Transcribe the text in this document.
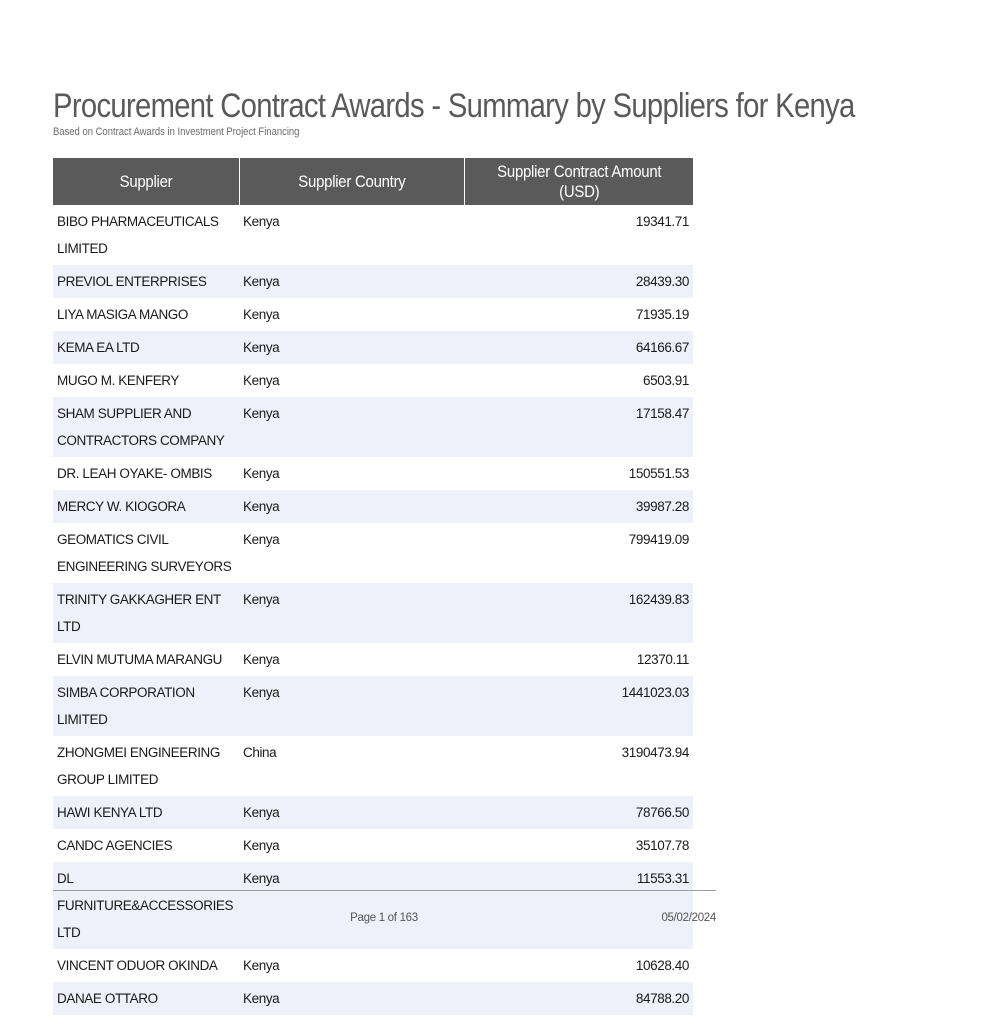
Procurement Contract Awards - Summary by Suppliers for Kenya
Based on Contract Awards in Investment Project Financing
Supplier	Supplier Country	Supplier Contract Amount (USD)
BIBO PHARMACEUTICALS LIMITED	Kenya	19341.71
PREVIOL ENTERPRISES	Kenya	28439.30
LIYA MASIGA MANGO	Kenya	71935.19
KEMA EA LTD	Kenya	64166.67
MUGO M. KENFERY	Kenya	6503.91
SHAM SUPPLIER AND CONTRACTORS COMPANY	Kenya	17158.47
DR. LEAH OYAKE- OMBIS	Kenya	150551.53
MERCY W. KIOGORA	Kenya	39987.28
GEOMATICS CIVIL ENGINEERING SURVEYORS	Kenya	799419.09
TRINITY GAKKAGHER ENT LTD	Kenya	162439.83
ELVIN MUTUMA MARANGU	Kenya	12370.11
SIMBA CORPORATION LIMITED	Kenya	1441023.03
ZHONGMEI ENGINEERING GROUP LIMITED	China	3190473.94
HAWI KENYA LTD	Kenya	78766.50
CANDC AGENCIES	Kenya	35107.78
DL FURNITURE&ACCESSORIES LTD	Kenya	11553.31
VINCENT ODUOR OKINDA	Kenya	10628.40
DANAE OTTARO	Kenya	84788.20
Page 1 of 163	05/02/2024
